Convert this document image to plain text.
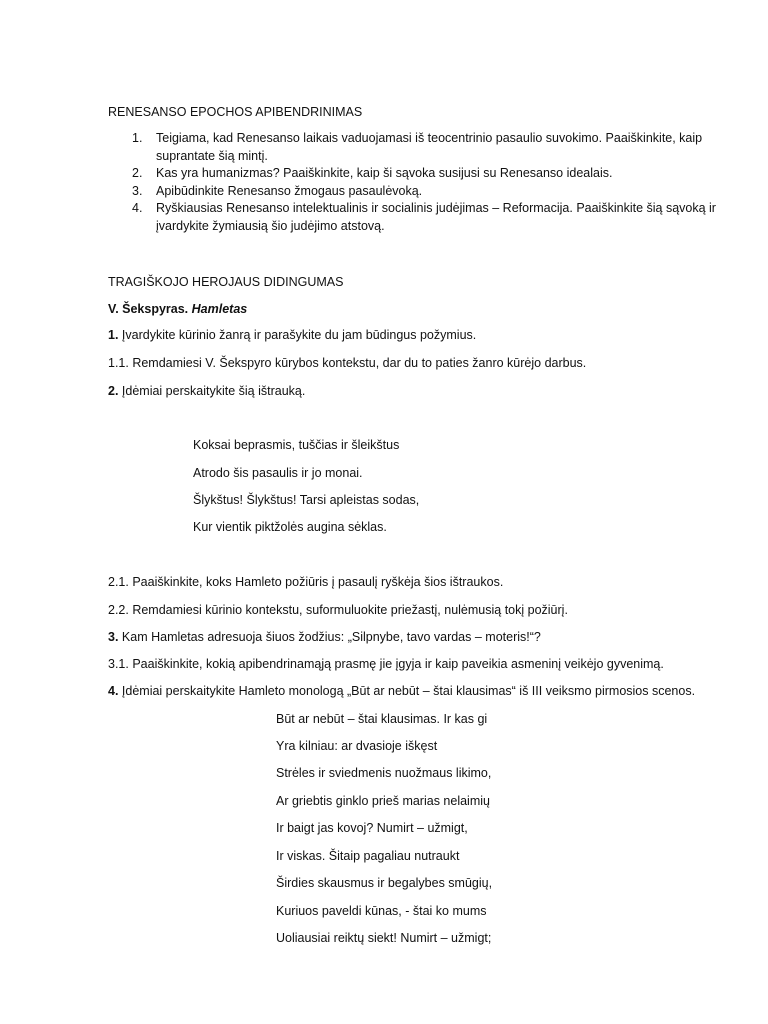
RENESANSO EPOCHOS APIBENDRINIMAS
1. Teigiama, kad Renesanso laikais vaduojamasi iš teocentrinio pasaulio suvokimo. Paaiškinkite, kaip
suprantate šią mintį.
2. Kas yra humanizmas? Paaiškinkite, kaip ši sąvoka susijusi su Renesanso idealais.
3. Apibūdinkite Renesanso žmogaus pasaulėvoką.
4. Ryškiausias Renesanso intelektualinis ir socialinis judėjimas – Reformacija. Paaiškinkite šią sąvoką ir
įvardykite žymiausią šio judėjimo atstovą.
TRAGIŠKOJO HEROJAUS DIDINGUMAS
V. Šekspyras. Hamletas
1. Įvardykite kūrinio žanrą ir parašykite du jam būdingus požymius.
1.1. Remdamiesi V. Šekspyro kūrybos kontekstu, dar du to paties žanro kūrėjo darbus.
2. Įdėmiai perskaitykite šią ištrauką.
Koksai beprasmis, tuščias ir šleikštus
Atrodo šis pasaulis ir jo monai.
Šlykštus! Šlykštus! Tarsi apleistas sodas,
Kur vientik piktžolės augina sėklas.
2.1. Paaiškinkite, koks Hamleto požiūris į pasaulį ryškėja šios ištraukos.
2.2. Remdamiesi kūrinio kontekstu, suformuluokite priežastį, nulėmusią tokį požiūrį.
3. Kam Hamletas adresuoja šiuos žodžius: „Silpnybe, tavo vardas – moteris!“?
3.1. Paaiškinkite, kokią apibendrinamąją prasmę jie įgyja ir kaip paveikia asmeninį veikėjo gyvenimą.
4. Įdėmiai perskaitykite Hamleto monologą „Būt ar nebūt – štai klausimas“ iš III veiksmo pirmosios scenos.
Būt ar nebūt – štai klausimas. Ir kas gi
Yra kilniau: ar dvasioje iškęst
Strėles ir sviedmenis nuožmaus likimo,
Ar griebtis ginklo prieš marias nelaimių
Ir baigt jas kovoj? Numirt – užmigt,
Ir viskas. Šitaip pagaliau nutraukt
Širdies skausmus ir begalybes smūgių,
Kuriuos paveldi kūnas, - štai ko mums
Uoliausiai reiktų siekt! Numirt – užmigt;
